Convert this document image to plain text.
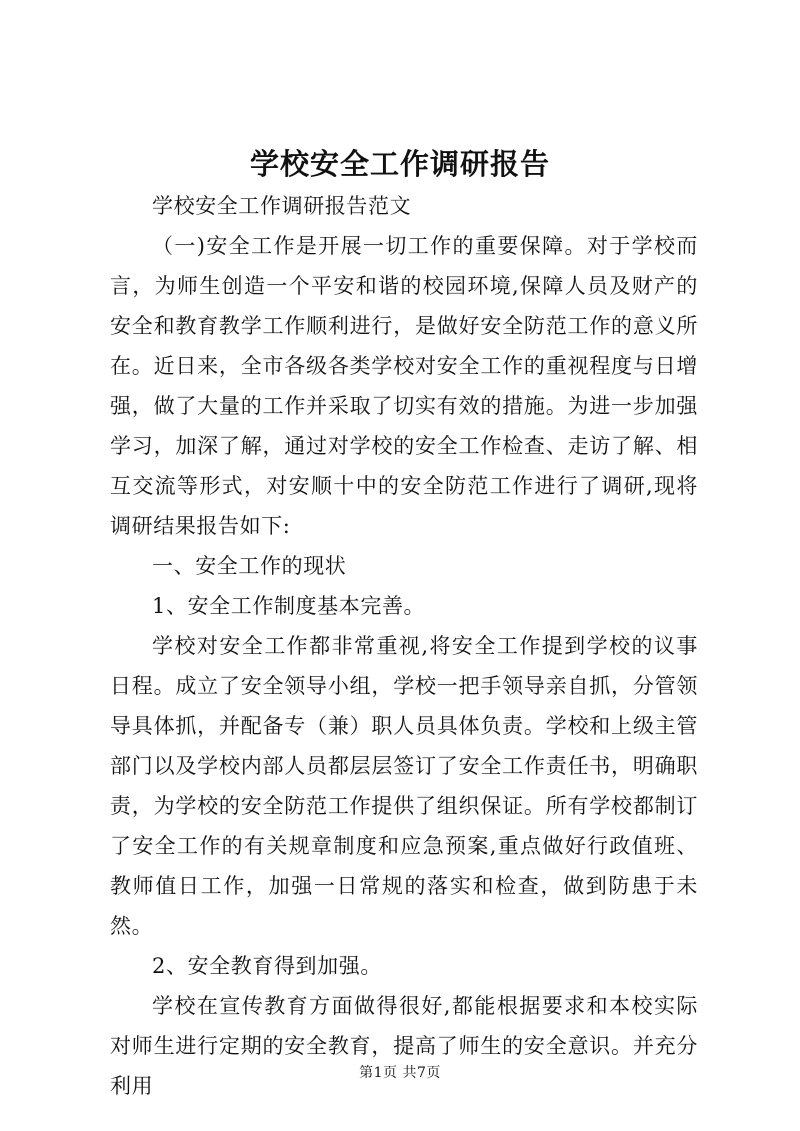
学校安全工作调研报告

学校安全工作调研报告范文

（一)安全工作是开展一切工作的重要保障。对于学校而言，为师生创造一个平安和谐的校园环境,保障人员及财产的安全和教育教学工作顺利进行，是做好安全防范工作的意义所在。近日来，全市各级各类学校对安全工作的重视程度与日增强，做了大量的工作并采取了切实有效的措施。为进一步加强学习，加深了解，通过对学校的安全工作检查、走访了解、相互交流等形式，对安顺十中的安全防范工作进行了调研,现将调研结果报告如下:

一、安全工作的现状

1、安全工作制度基本完善。

学校对安全工作都非常重视,将安全工作提到学校的议事日程。成立了安全领导小组，学校一把手领导亲自抓，分管领导具体抓，并配备专（兼）职人员具体负责。学校和上级主管部门以及学校内部人员都层层签订了安全工作责任书，明确职责，为学校的安全防范工作提供了组织保证。所有学校都制订了安全工作的有关规章制度和应急预案,重点做好行政值班、教师值日工作，加强一日常规的落实和检查，做到防患于未然。

2、安全教育得到加强。

学校在宣传教育方面做得很好,都能根据要求和本校实际对师生进行定期的安全教育，提高了师生的安全意识。并充分利用

第1页 共7页
